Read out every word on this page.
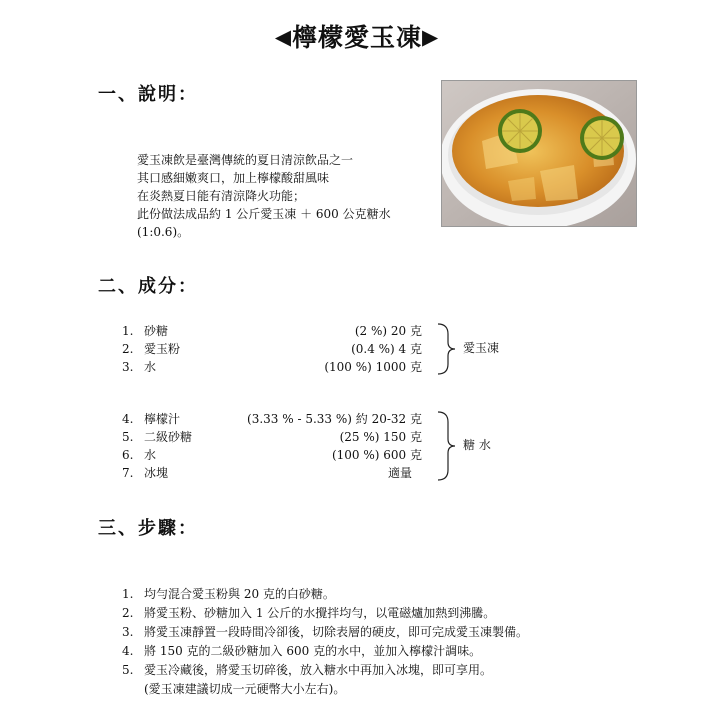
◀檸檬愛玉凍▶
一、說明：
愛玉凍飲是臺灣傳統的夏日清涼飲品之一
其口感細嫩爽口，加上檸檬酸甜風味
在炎熱夏日能有清涼降火功能；
此份做法成品約 1 公斤愛玉凍 ＋ 600 公克糖水
(1:0.6)。
二、成分：
1. 砂糖	(2 %) 20 克
2. 愛玉粉	(0.4 %) 4 克
3. 水	(100 %) 1000 克
愛玉凍
4. 檸檬汁	(3.33 % - 5.33 %) 約 20-32 克
5. 二級砂糖	(25 %) 150 克
6. 水	(100 %) 600 克
7. 冰塊	適量
糖 水
三、步驟：
1. 均勻混合愛玉粉與 20 克的白砂糖。
2. 將愛玉粉、砂糖加入 1 公斤的水攪拌均勻，以電磁爐加熱到沸騰。
3. 將愛玉凍靜置一段時間冷卻後，切除表層的硬皮，即可完成愛玉凍製備。
4. 將 150 克的二級砂糖加入 600 克的水中，並加入檸檬汁調味。
5. 愛玉冷藏後，將愛玉切碎後，放入糖水中再加入冰塊，即可享用。
(愛玉凍建議切成一元硬幣大小左右)。
